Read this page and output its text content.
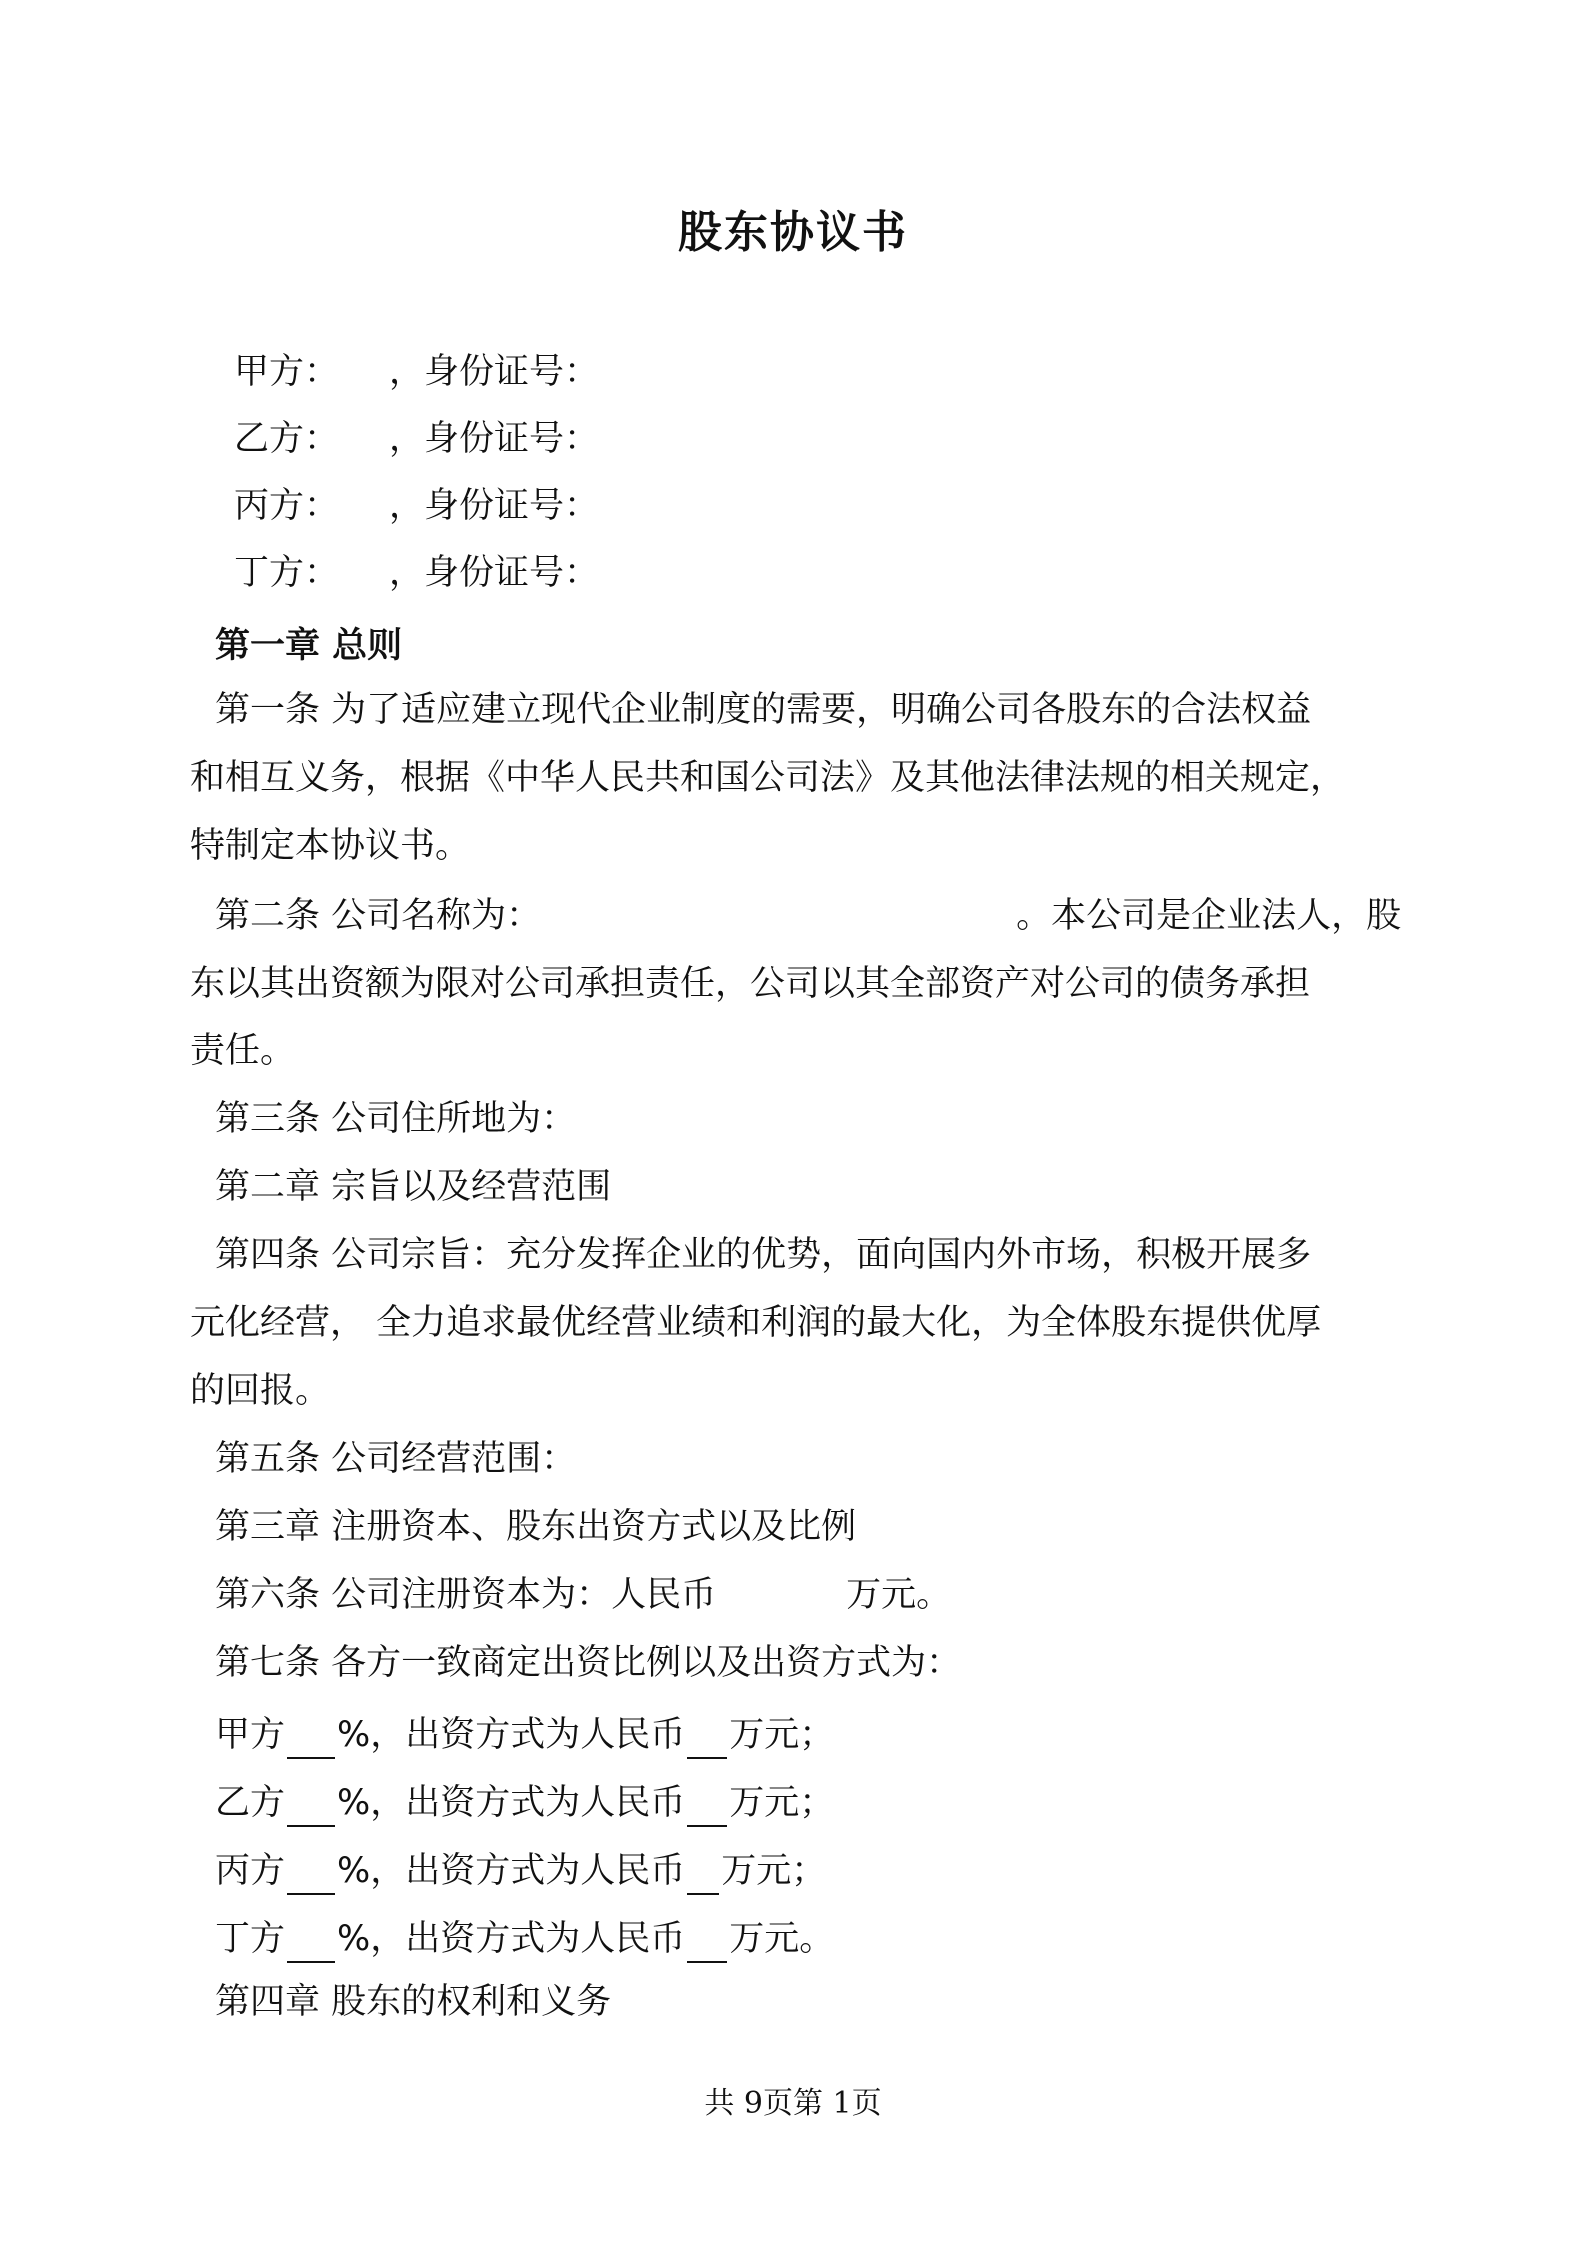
股东协议书
甲方： ，身份证号：
乙方： ，身份证号：
丙方： ，身份证号：
丁方： ，身份证号：
第一章 总则
第一条 为了适应建立现代企业制度的需要，明确公司各股东的合法权益
和相互义务，根据《中华人民共和国公司法》及其他法律法规的相关规定，
特制定本协议书。
第二条 公司名称为：	。本公司是企业法人，股
东以其出资额为限对公司承担责任，公司以其全部资产对公司的债务承担
责任。
第三条 公司住所地为：
第二章 宗旨以及经营范围
第四条 公司宗旨：充分发挥企业的优势，面向国内外市场，积极开展多
元化经营， 全力追求最优经营业绩和利润的最大化，为全体股东提供优厚
的回报。
第五条 公司经营范围：
第三章 注册资本、股东出资方式以及比例
第六条 公司注册资本为：人民币	万元。
第七条 各方一致商定出资比例以及出资方式为：
甲方 %，出资方式为人民币 万元；
乙方 %，出资方式为人民币 万元；
丙方 %，出资方式为人民币 万元；
丁方 %，出资方式为人民币 万元。
第四章 股东的权利和义务
共 9页第 1页
